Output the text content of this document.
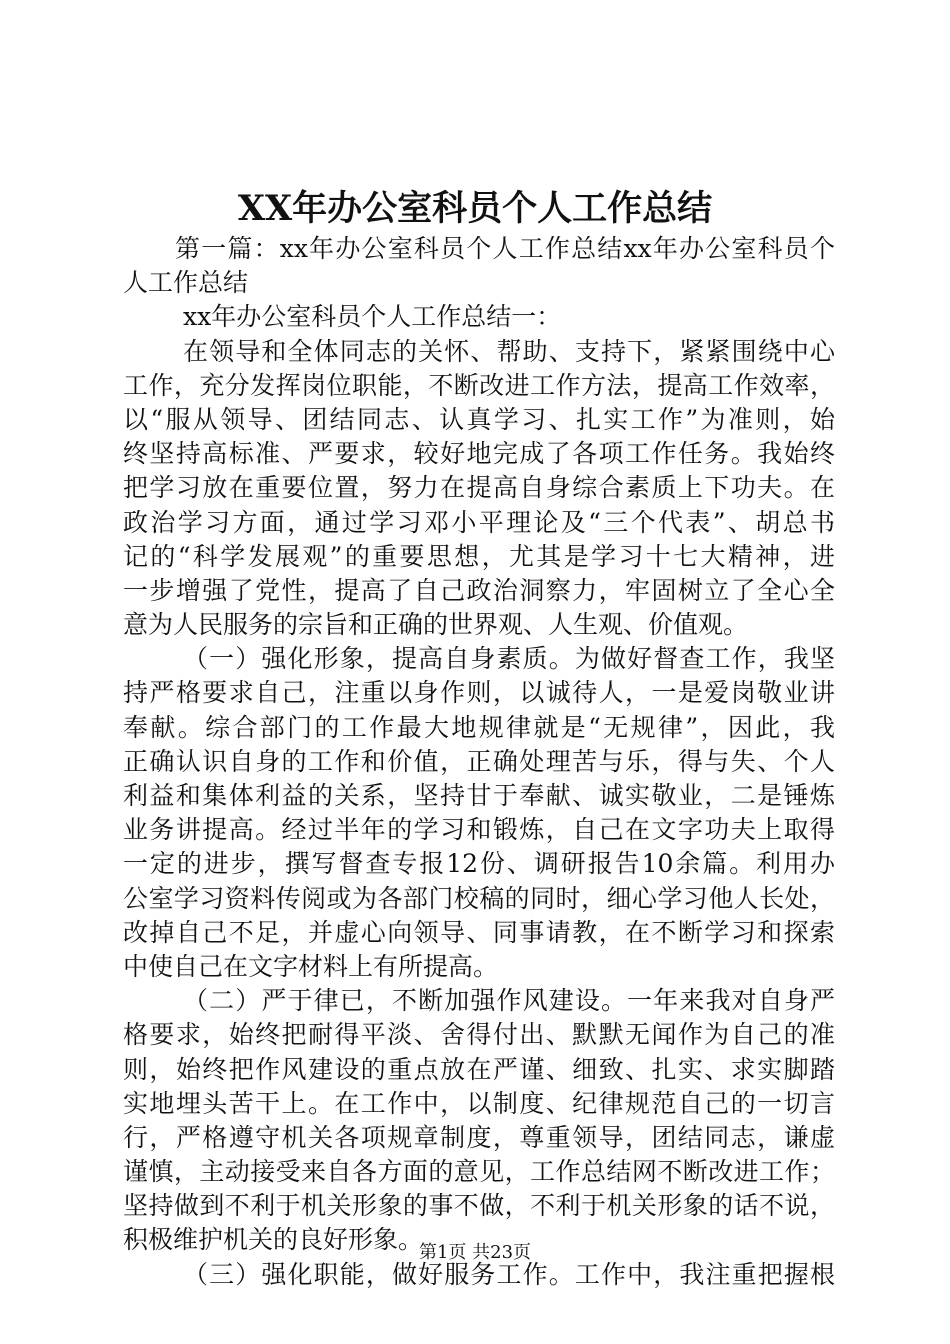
XX年办公室科员个人工作总结
第一篇：xx年办公室科员个人工作总结xx年办公室科员个
人工作总结
xx年办公室科员个人工作总结一：
在领导和全体同志的关怀、帮助、支持下，紧紧围绕中心
工作，充分发挥岗位职能，不断改进工作方法，提高工作效率，
以“服从领导、团结同志、认真学习、扎实工作”为准则，始
终坚持高标准、严要求，较好地完成了各项工作任务。我始终
把学习放在重要位置，努力在提高自身综合素质上下功夫。在
政治学习方面，通过学习邓小平理论及“三个代表”、胡总书
记的“科学发展观”的重要思想，尤其是学习十七大精神，进
一步增强了党性，提高了自己政治洞察力，牢固树立了全心全
意为人民服务的宗旨和正确的世界观、人生观、价值观。
（一）强化形象，提高自身素质。为做好督查工作，我坚
持严格要求自己，注重以身作则，以诚待人，一是爱岗敬业讲
奉献。综合部门的工作最大地规律就是“无规律”，因此，我
正确认识自身的工作和价值，正确处理苦与乐，得与失、个人
利益和集体利益的关系，坚持甘于奉献、诚实敬业，二是锤炼
业务讲提高。经过半年的学习和锻炼，自己在文字功夫上取得
一定的进步，撰写督查专报12份、调研报告10余篇。利用办
公室学习资料传阅或为各部门校稿的同时，细心学习他人长处，
改掉自己不足，并虚心向领导、同事请教，在不断学习和探索
中使自己在文字材料上有所提高。
（二）严于律已，不断加强作风建设。一年来我对自身严
格要求，始终把耐得平淡、舍得付出、默默无闻作为自己的准
则，始终把作风建设的重点放在严谨、细致、扎实、求实脚踏
实地埋头苦干上。在工作中，以制度、纪律规范自己的一切言
行，严格遵守机关各项规章制度，尊重领导，团结同志，谦虚
谨慎，主动接受来自各方面的意见，工作总结网不断改进工作；
坚持做到不利于机关形象的事不做，不利于机关形象的话不说，
积极维护机关的良好形象。
（三）强化职能，做好服务工作。工作中，我注重把握根
第1页 共23页
